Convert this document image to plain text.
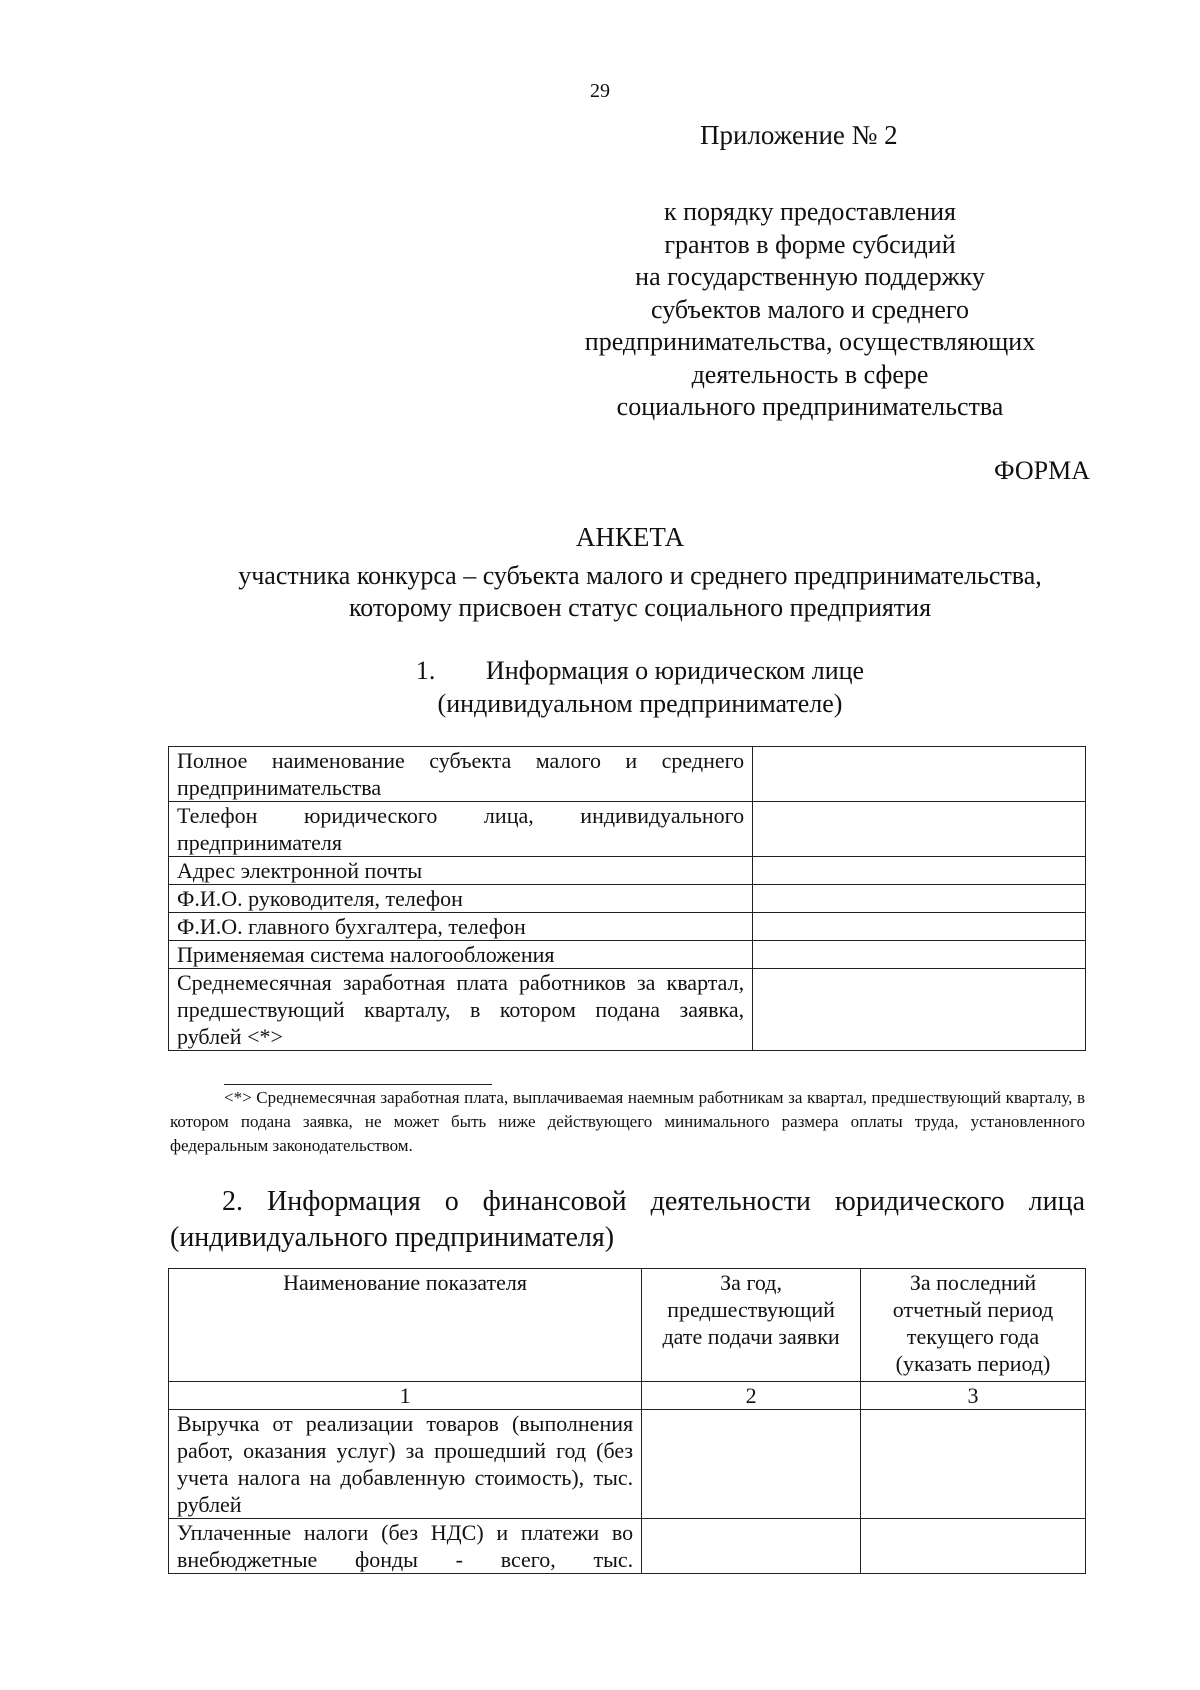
29
Приложение № 2
к порядку предоставления
грантов в форме субсидий
на государственную поддержку
субъектов малого и среднего
предпринимательства, осуществляющих
деятельность в сфере
социального предпринимательства
ФОРМА
АНКЕТА
участника конкурса – субъекта малого и среднего предпринимательства,
которому присвоен статус социального предприятия
1. Информация о юридическом лице
(индивидуальном предпринимателе)
Полное наименование субъекта малого и среднего предпринимательства	
Телефон юридического лица, индивидуального предпринимателя	
Адрес электронной почты	
Ф.И.О. руководителя, телефон	
Ф.И.О. главного бухгалтера, телефон	
Применяемая система налогообложения	
Среднемесячная заработная плата работников за квартал, предшествующий кварталу, в котором подана заявка, рублей <*>	
<*> Среднемесячная заработная плата, выплачиваемая наемным работникам за квартал, предшествующий кварталу, в котором подана заявка, не может быть ниже действующего минимального размера оплаты труда, установленного федеральным законодательством.
2. Информация о финансовой деятельности юридического лица (индивидуального предпринимателя)
Наименование показателя	За год, предшествующий дате подачи заявки	За последний отчетный период текущего года (указать период)
1	2	3
Выручка от реализации товаров (выполнения работ, оказания услуг) за прошедший год (без учета налога на добавленную стоимость), тыс. рублей		

Уплаченные налоги (без НДС) и платежи во внебюджетные фонды - всего, тыс.		
